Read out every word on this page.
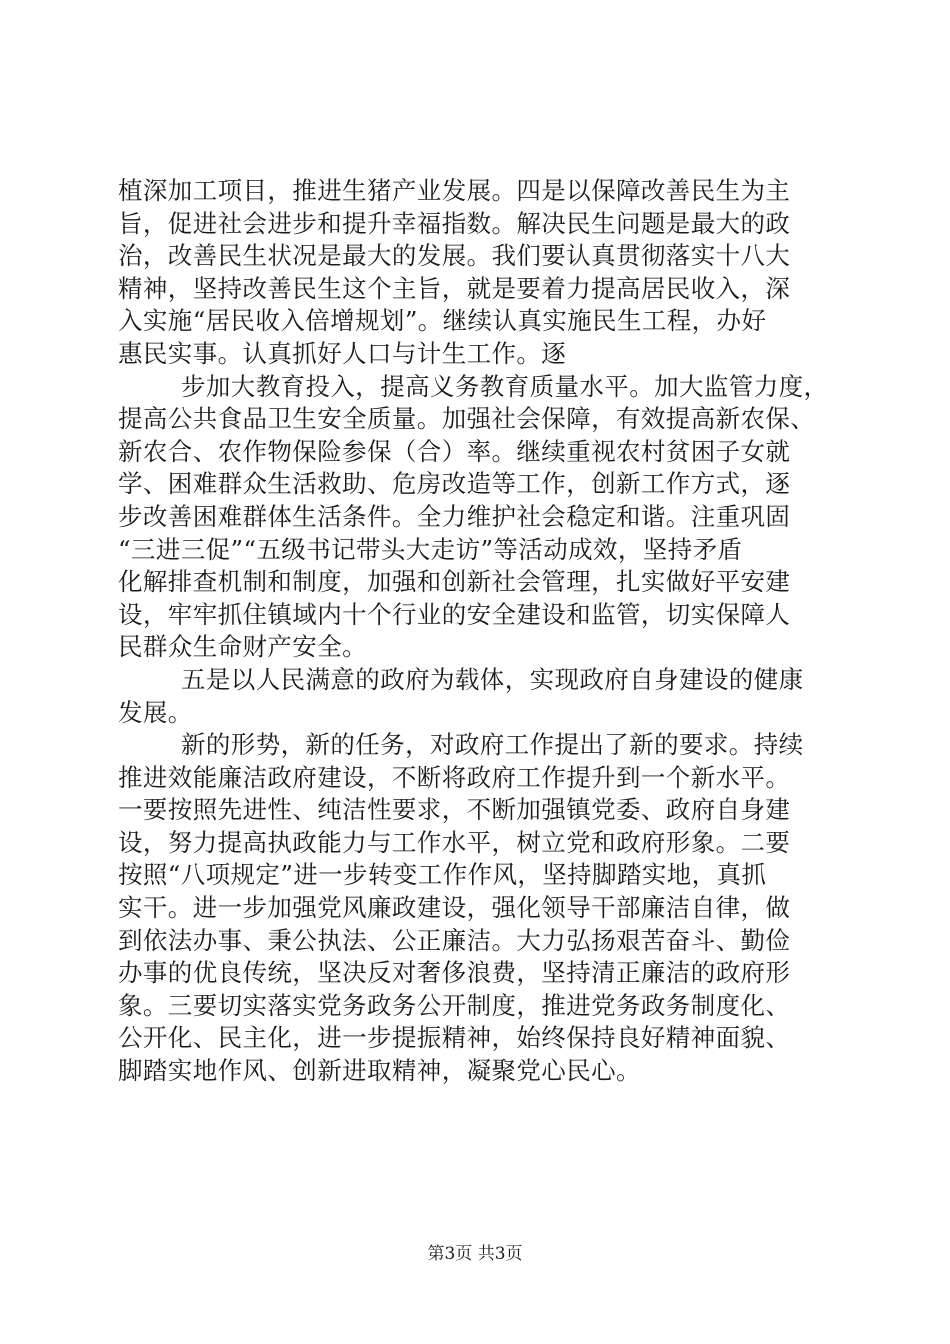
植深加工项目，推进生猪产业发展。四是以保障改善民生为主
旨，促进社会进步和提升幸福指数。解决民生问题是最大的政
治，改善民生状况是最大的发展。我们要认真贯彻落实十八大
精神，坚持改善民生这个主旨，就是要着力提高居民收入，深
入实施“居民收入倍增规划”。继续认真实施民生工程，办好
惠民实事。认真抓好人口与计生工作。逐
步加大教育投入，提高义务教育质量水平。加大监管力度，
提高公共食品卫生安全质量。加强社会保障，有效提高新农保、
新农合、农作物保险参保（合）率。继续重视农村贫困子女就
学、困难群众生活救助、危房改造等工作，创新工作方式，逐
步改善困难群体生活条件。全力维护社会稳定和谐。注重巩固
“三进三促”“五级书记带头大走访”等活动成效，坚持矛盾
化解排查机制和制度，加强和创新社会管理，扎实做好平安建
设，牢牢抓住镇域内十个行业的安全建设和监管，切实保障人
民群众生命财产安全。
五是以人民满意的政府为载体，实现政府自身建设的健康
发展。
新的形势，新的任务，对政府工作提出了新的要求。持续
推进效能廉洁政府建设，不断将政府工作提升到一个新水平。
一要按照先进性、纯洁性要求，不断加强镇党委、政府自身建
设，努力提高执政能力与工作水平，树立党和政府形象。二要
按照“八项规定”进一步转变工作作风，坚持脚踏实地，真抓
实干。进一步加强党风廉政建设，强化领导干部廉洁自律，做
到依法办事、秉公执法、公正廉洁。大力弘扬艰苦奋斗、勤俭
办事的优良传统，坚决反对奢侈浪费，坚持清正廉洁的政府形
象。三要切实落实党务政务公开制度，推进党务政务制度化、
公开化、民主化，进一步提振精神，始终保持良好精神面貌、
脚踏实地作风、创新进取精神，凝聚党心民心。
第3页 共3页
